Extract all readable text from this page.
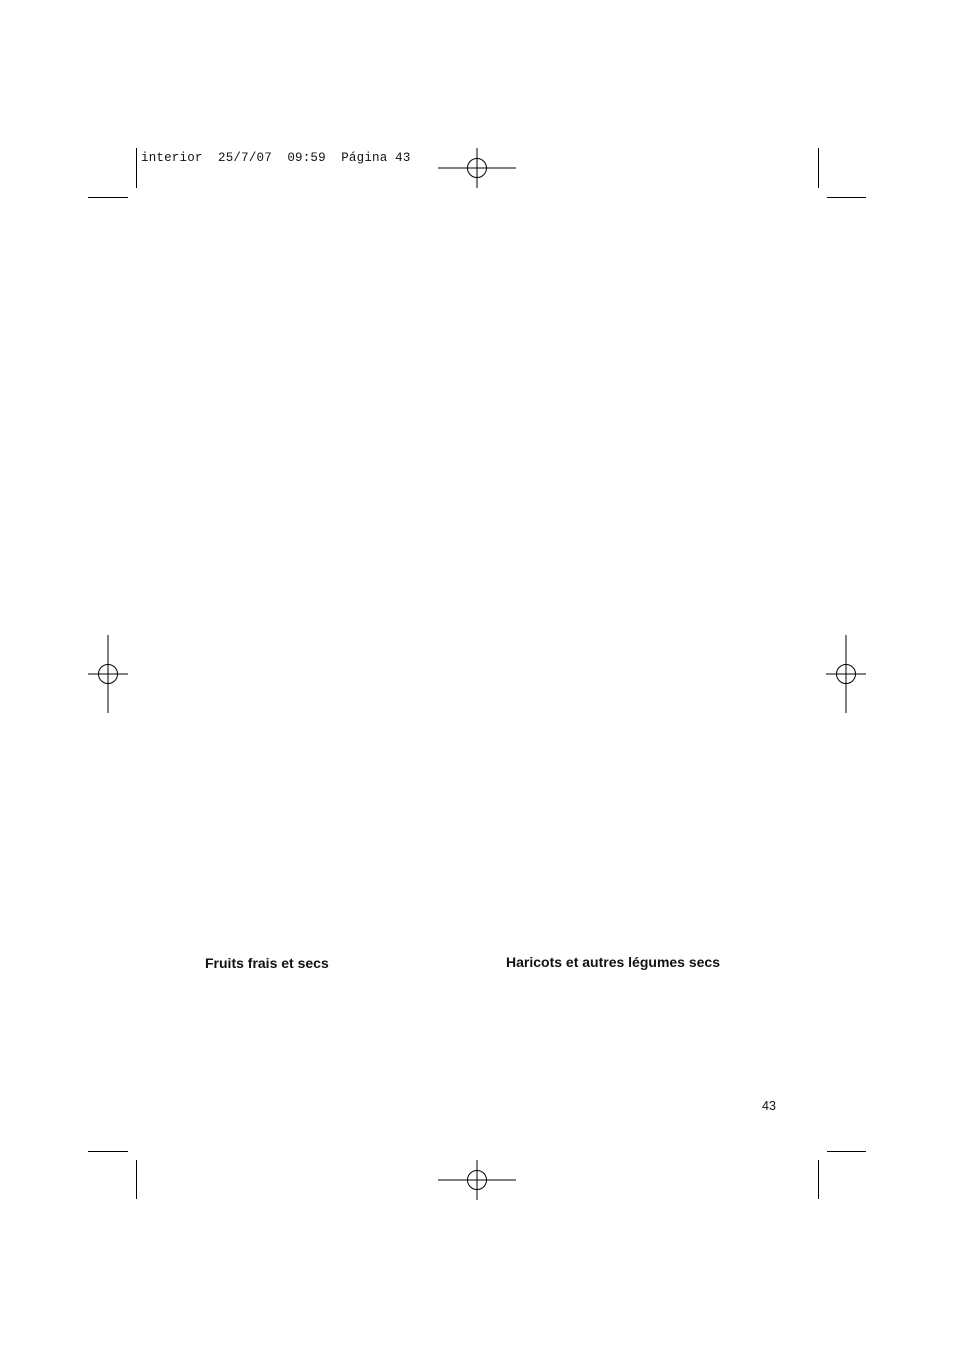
interior  25/7/07  09:59  Página 43
Fruits frais et secs	Haricots et autres légumes secs
43
